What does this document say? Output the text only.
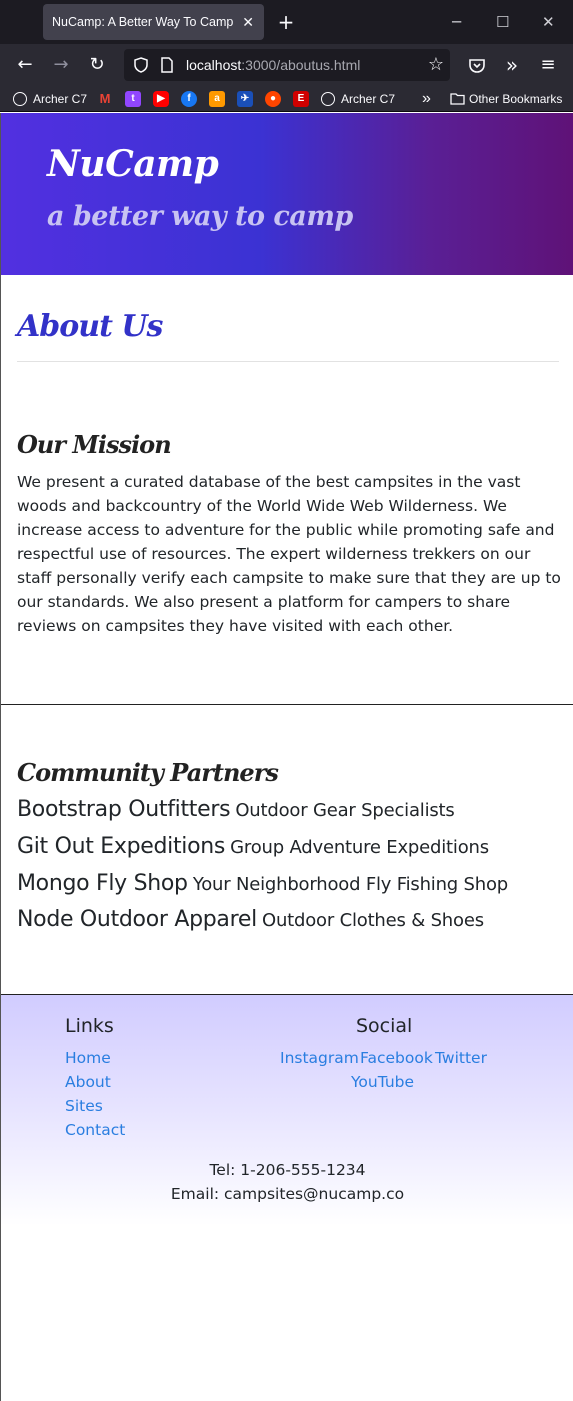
NuCamp: A Better Way To Camp ✕ +	─ ☐ ✕
← → ↻	localhost:3000/aboutus.html	☆	»	≡
Archer C7 M	t	▶	f	a	✈	●	E	Archer C7 »	Other Bookmarks
NuCamp
a better way to camp
About Us
Our Mission
We present a curated database of the best campsites in the vast woods and backcountry of the World Wide Web Wilderness. We increase access to adventure for the public while promoting safe and respectful use of resources. The expert wilderness trekkers on our staff personally verify each campsite to make sure that they are up to our standards. We also present a platform for campers to share reviews on campsites they have visited with each other.
Community Partners
Bootstrap Outfitters Outdoor Gear Specialists
Git Out Expeditions Group Adventure Expeditions
Mongo Fly Shop Your Neighborhood Fly Fishing Shop
Node Outdoor Apparel Outdoor Clothes & Shoes
Links
Home
About
Sites
Contact
Social
Instagram Facebook Twitter
YouTube
Tel: 1-206-555-1234
Email: campsites@nucamp.co
